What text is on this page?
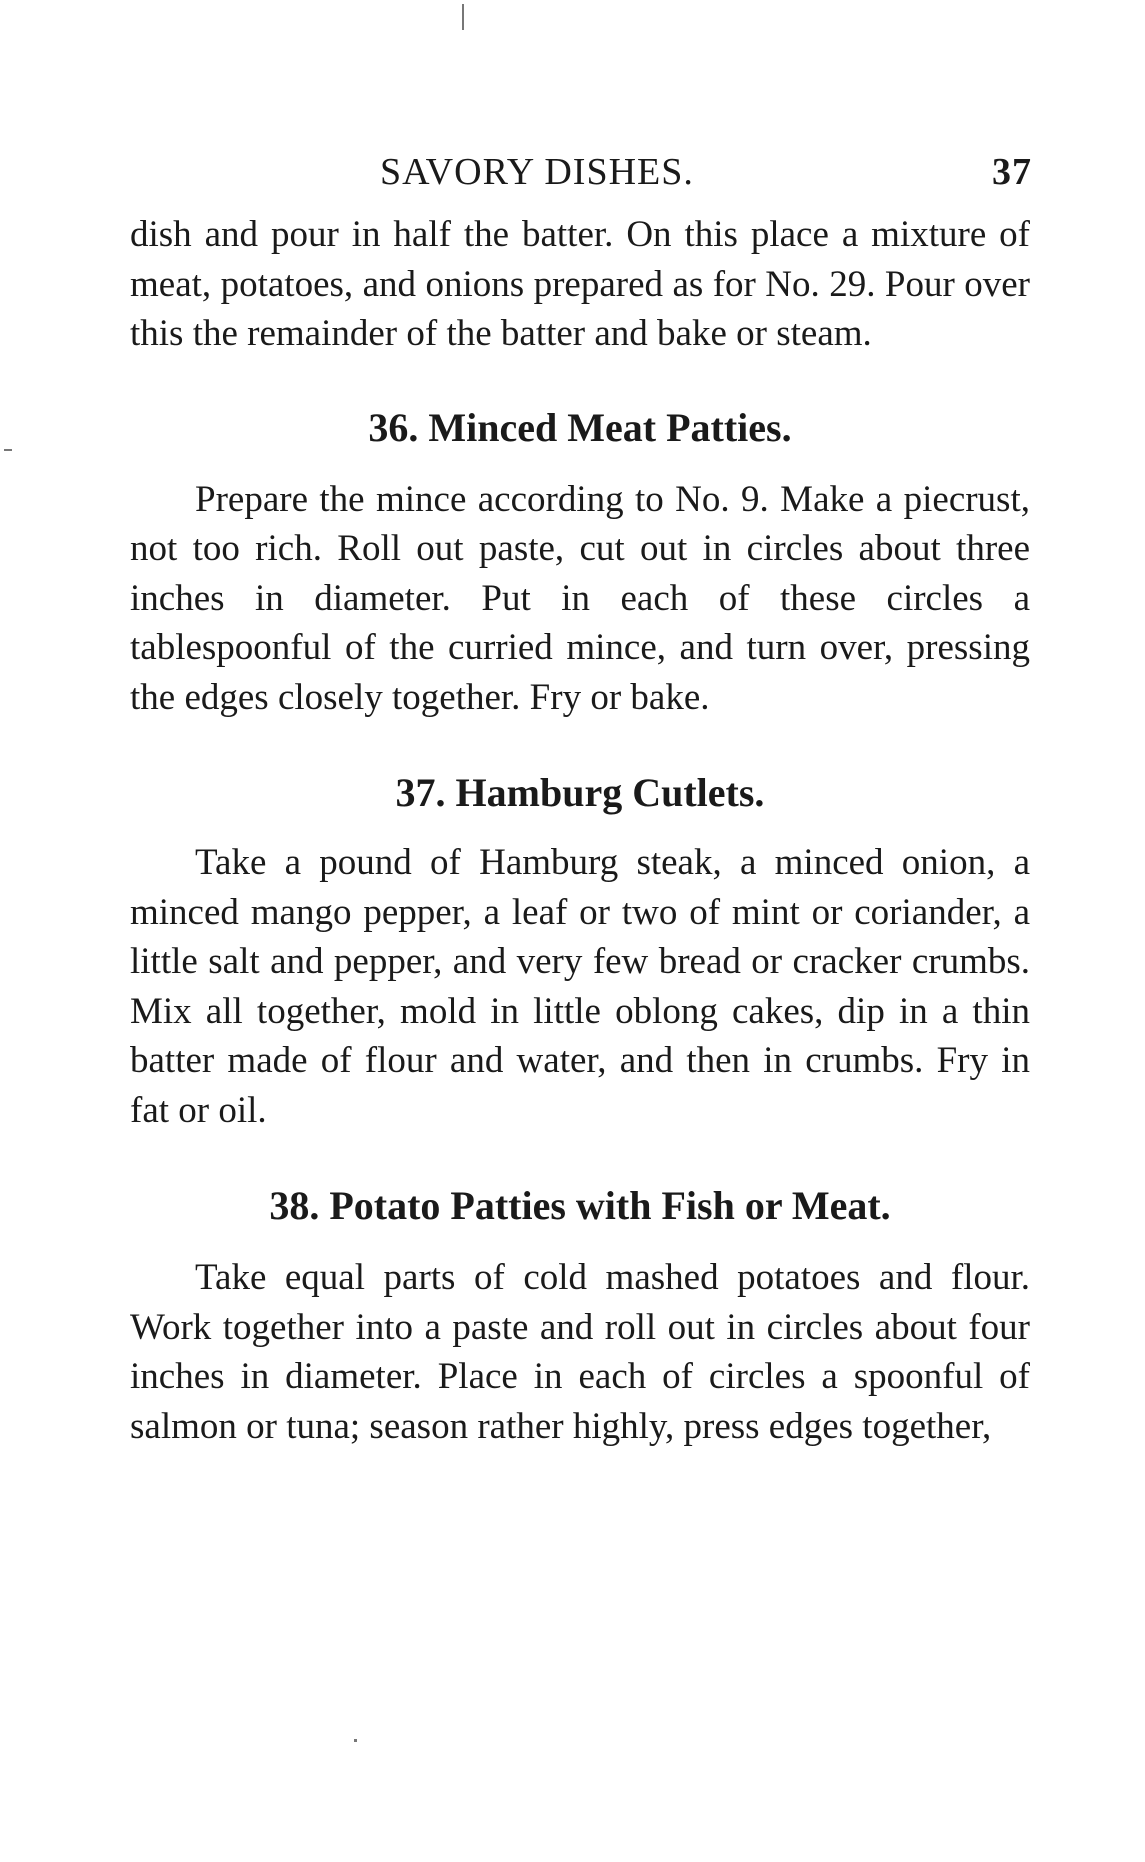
SAVORY DISHES.	37

dish and pour in half the batter. On this place a mixture of meat, potatoes, and onions prepared as for No. 29. Pour over this the remainder of the batter and bake or steam.

36. Minced Meat Patties.

Prepare the mince according to No. 9. Make a piecrust, not too rich. Roll out paste, cut out in circles about three inches in diameter. Put in each of these circles a tablespoonful of the curried mince, and turn over, pressing the edges closely together. Fry or bake.

37. Hamburg Cutlets.

Take a pound of Hamburg steak, a minced onion, a minced mango pepper, a leaf or two of mint or coriander, a little salt and pepper, and very few bread or cracker crumbs. Mix all together, mold in little oblong cakes, dip in a thin batter made of flour and water, and then in crumbs. Fry in fat or oil.

38. Potato Patties with Fish or Meat.

Take equal parts of cold mashed potatoes and flour. Work together into a paste and roll out in circles about four inches in diameter. Place in each of circles a spoonful of salmon or tuna; season rather highly, press edges together,
